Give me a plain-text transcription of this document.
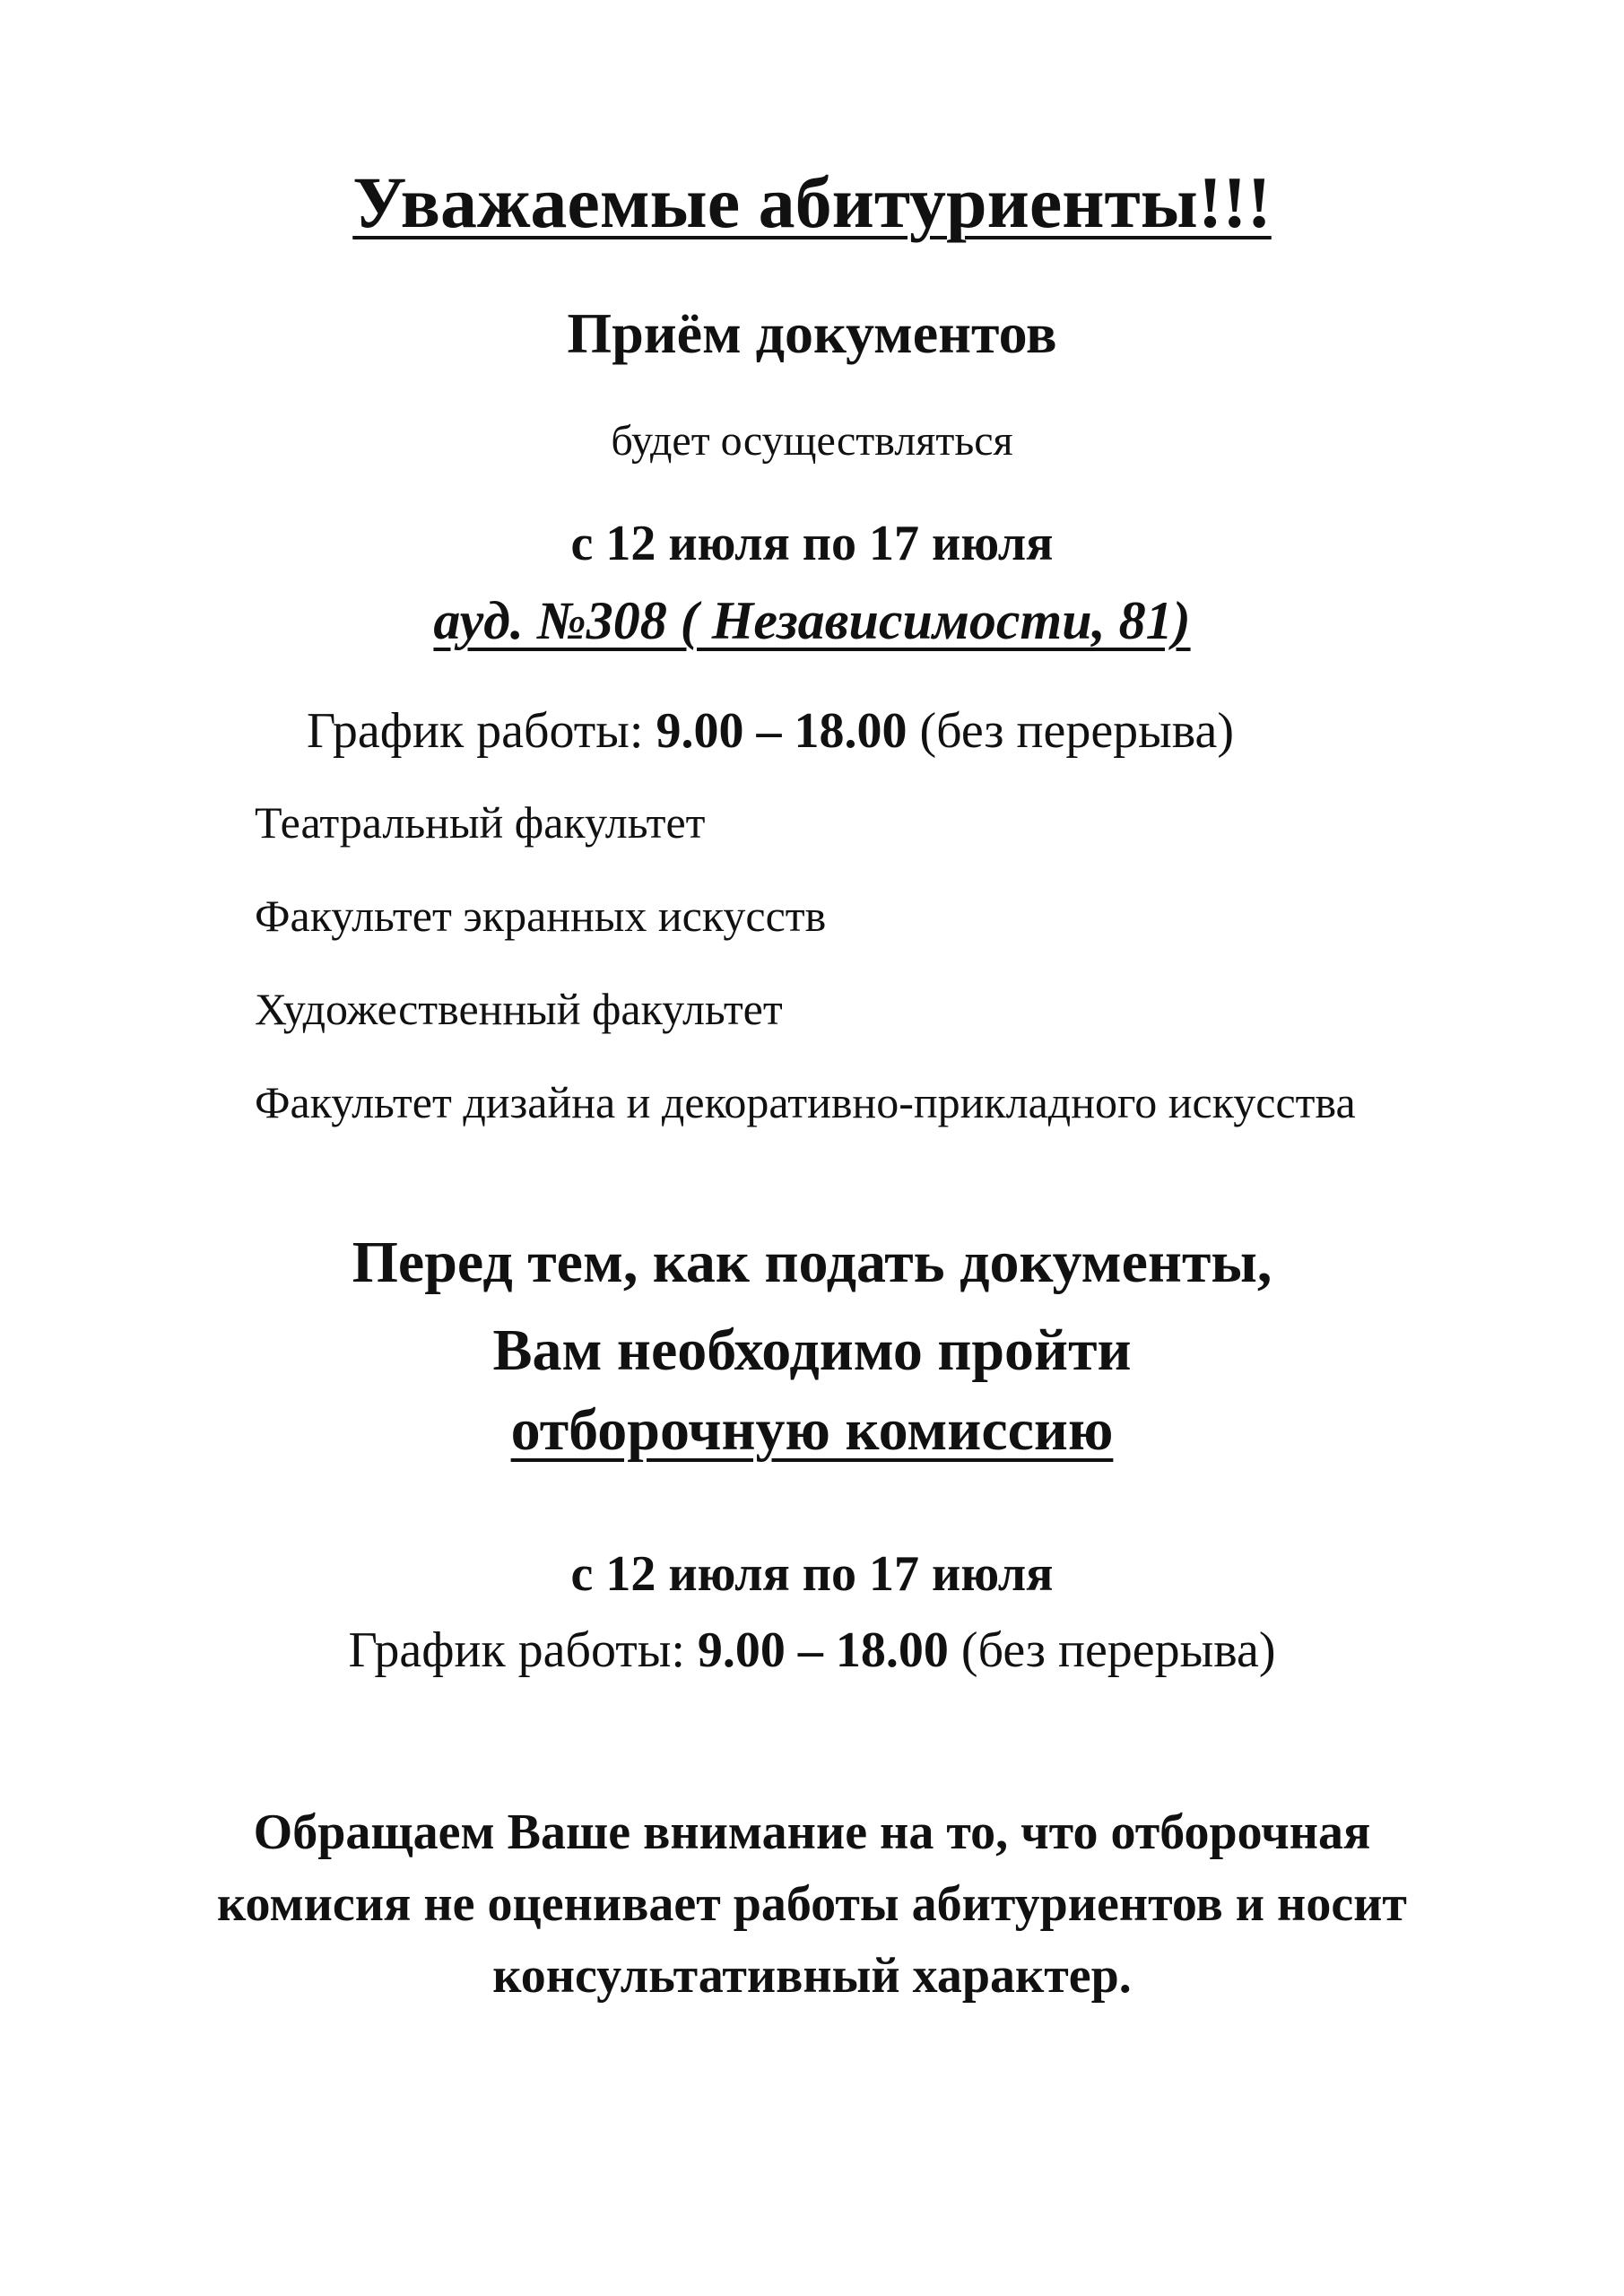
Уважаемые абитуриенты!!!
Приём документов
будет осуществляться
с 12 июля по 17 июля
ауд. №308 ( Независимости, 81)
График работы: 9.00 – 18.00 (без перерыва)
Театральный факультет
Факультет экранных искусств
Художественный факультет
Факультет дизайна и декоративно-прикладного искусства
Перед тем, как подать документы,
Вам необходимо пройти
отборочную комиссию
с 12 июля по 17 июля
График работы: 9.00 – 18.00 (без перерыва)
Обращаем Ваше внимание на то, что отборочная
комисия не оценивает работы абитуриентов и носит
консультативный характер.
